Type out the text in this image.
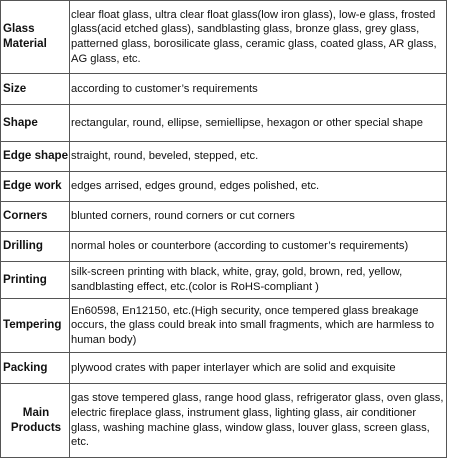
Glass Material	clear float glass, ultra clear float glass(low iron glass), low-e glass, frosted glass(acid etched glass), sandblasting glass, bronze glass, grey glass, patterned glass, borosilicate glass, ceramic glass, coated glass, AR glass, AG glass, etc.
Size	according to customer’s requirements
Shape	rectangular, round, ellipse, semiellipse, hexagon or other special shape
Edge shape	straight, round, beveled, stepped, etc.
Edge work	edges arrised, edges ground, edges polished, etc.
Corners	blunted corners, round corners or cut corners
Drilling	normal holes or counterbore (according to customer’s requirements)
Printing	silk-screen printing with black, white, gray, gold, brown, red, yellow, sandblasting effect, etc.(color is RoHS-compliant )
Tempering	En60598, En12150, etc.(High security, once tempered glass breakage occurs, the glass could break into small fragments, which are harmless to human body)
Packing	plywood crates with paper interlayer which are solid and exquisite
Main Products	gas stove tempered glass, range hood glass, refrigerator glass, oven glass, electric fireplace glass, instrument glass, lighting glass, air conditioner glass, washing machine glass, window glass, louver glass, screen glass, etc.
